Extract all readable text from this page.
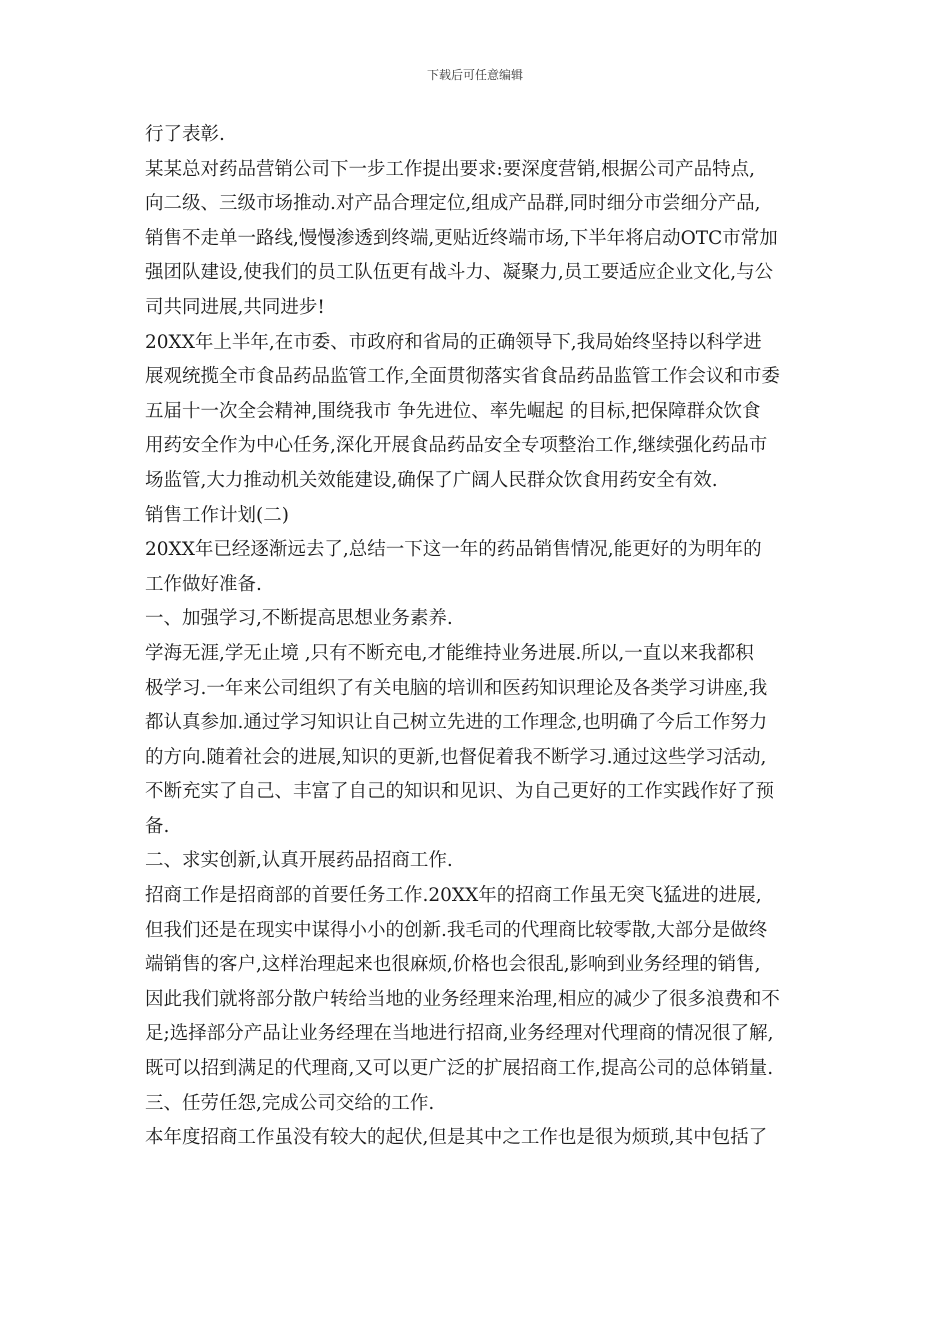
下载后可任意编辑
行了表彰.
某某总对药品营销公司下一步工作提出要求:要深度营销,根据公司产品特点,
向二级、三级市场推动.对产品合理定位,组成产品群,同时细分市尝细分产品,
销售不走单一路线,慢慢渗透到终端,更贴近终端市场,下半年将启动OTC市常加
强团队建设,使我们的员工队伍更有战斗力、凝聚力,员工要适应企业文化,与公
司共同进展,共同进步!
20XX年上半年,在市委、市政府和省局的正确领导下,我局始终坚持以科学进
展观统揽全市食品药品监管工作,全面贯彻落实省食品药品监管工作会议和市委
五届十一次全会精神,围绕我市 争先进位、率先崛起 的目标,把保障群众饮食
用药安全作为中心任务,深化开展食品药品安全专项整治工作,继续强化药品市
场监管,大力推动机关效能建设,确保了广阔人民群众饮食用药安全有效.
销售工作计划(二)
20XX年已经逐渐远去了,总结一下这一年的药品销售情况,能更好的为明年的
工作做好准备.
一、加强学习,不断提高思想业务素养.
学海无涯,学无止境 ,只有不断充电,才能维持业务进展.所以,一直以来我都积
极学习.一年来公司组织了有关电脑的培训和医药知识理论及各类学习讲座,我
都认真参加.通过学习知识让自己树立先进的工作理念,也明确了今后工作努力
的方向.随着社会的进展,知识的更新,也督促着我不断学习.通过这些学习活动,
不断充实了自己、丰富了自己的知识和见识、为自己更好的工作实践作好了预
备.
二、求实创新,认真开展药品招商工作.
招商工作是招商部的首要任务工作.20XX年的招商工作虽无突飞猛进的进展,
但我们还是在现实中谋得小小的创新.我毛司的代理商比较零散,大部分是做终
端销售的客户,这样治理起来也很麻烦,价格也会很乱,影响到业务经理的销售,
因此我们就将部分散户转给当地的业务经理来治理,相应的减少了很多浪费和不
足;选择部分产品让业务经理在当地进行招商,业务经理对代理商的情况很了解,
既可以招到满足的代理商,又可以更广泛的扩展招商工作,提高公司的总体销量.
三、任劳任怨,完成公司交给的工作.
本年度招商工作虽没有较大的起伏,但是其中之工作也是很为烦琐,其中包括了
